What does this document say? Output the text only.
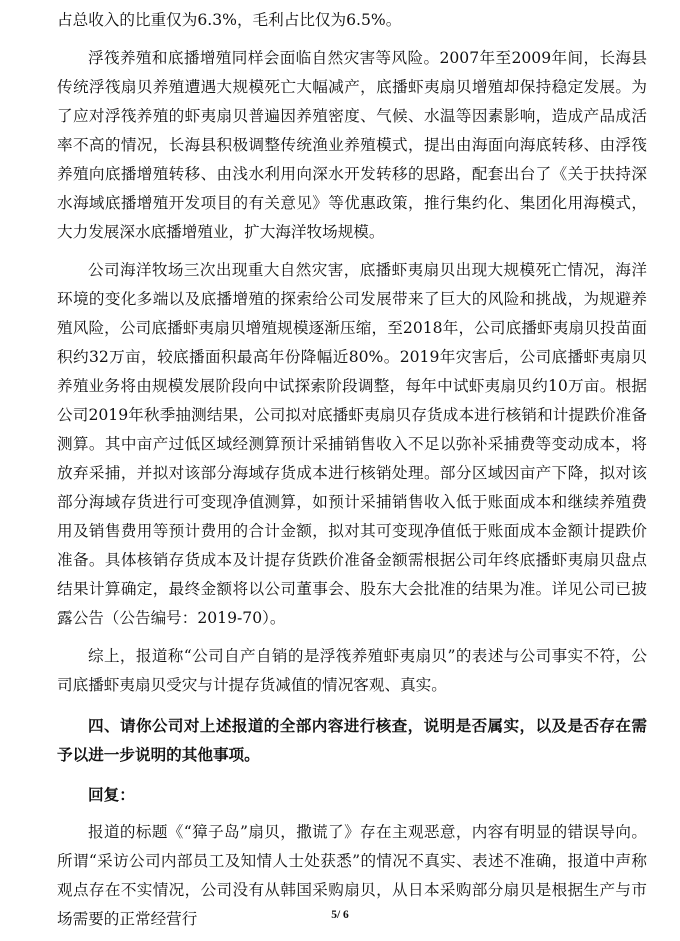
占总收入的比重仅为6.3%，毛利占比仅为6.5%。

浮筏养殖和底播增殖同样会面临自然灾害等风险。2007年至2009年间，长海县传统浮筏扇贝养殖遭遇大规模死亡大幅减产，底播虾夷扇贝增殖却保持稳定发展。为了应对浮筏养殖的虾夷扇贝普遍因养殖密度、气候、水温等因素影响，造成产品成活率不高的情况，长海县积极调整传统渔业养殖模式，提出由海面向海底转移、由浮筏养殖向底播增殖转移、由浅水利用向深水开发转移的思路，配套出台了《关于扶持深水海域底播增殖开发项目的有关意见》等优惠政策，推行集约化、集团化用海模式，大力发展深水底播增殖业，扩大海洋牧场规模。

公司海洋牧场三次出现重大自然灾害，底播虾夷扇贝出现大规模死亡情况，海洋环境的变化多端以及底播增殖的探索给公司发展带来了巨大的风险和挑战，为规避养殖风险，公司底播虾夷扇贝增殖规模逐渐压缩，至2018年，公司底播虾夷扇贝投苗面积约32万亩，较底播面积最高年份降幅近80%。2019年灾害后，公司底播虾夷扇贝养殖业务将由规模发展阶段向中试探索阶段调整，每年中试虾夷扇贝约10万亩。根据公司2019年秋季抽测结果，公司拟对底播虾夷扇贝存货成本进行核销和计提跌价准备测算。其中亩产过低区域经测算预计采捕销售收入不足以弥补采捕费等变动成本，将放弃采捕，并拟对该部分海域存货成本进行核销处理。部分区域因亩产下降，拟对该部分海域存货进行可变现净值测算，如预计采捕销售收入低于账面成本和继续养殖费用及销售费用等预计费用的合计金额，拟对其可变现净值低于账面成本金额计提跌价准备。具体核销存货成本及计提存货跌价准备金额需根据公司年终底播虾夷扇贝盘点结果计算确定，最终金额将以公司董事会、股东大会批准的结果为准。详见公司已披露公告（公告编号：2019-70）。

综上，报道称“公司自产自销的是浮筏养殖虾夷扇贝”的表述与公司事实不符，公司底播虾夷扇贝受灾与计提存货减值的情况客观、真实。

四、请你公司对上述报道的全部内容进行核查，说明是否属实，以及是否存在需予以进一步说明的其他事项。

回复：

报道的标题《“獐子岛”扇贝，撒谎了》存在主观恶意，内容有明显的错误导向。所谓“采访公司内部员工及知情人士处获悉”的情况不真实、表述不准确，报道中声称观点存在不实情况，公司没有从韩国采购扇贝，从日本采购部分扇贝是根据生产与市场需要的正常经营行	5/ 6
